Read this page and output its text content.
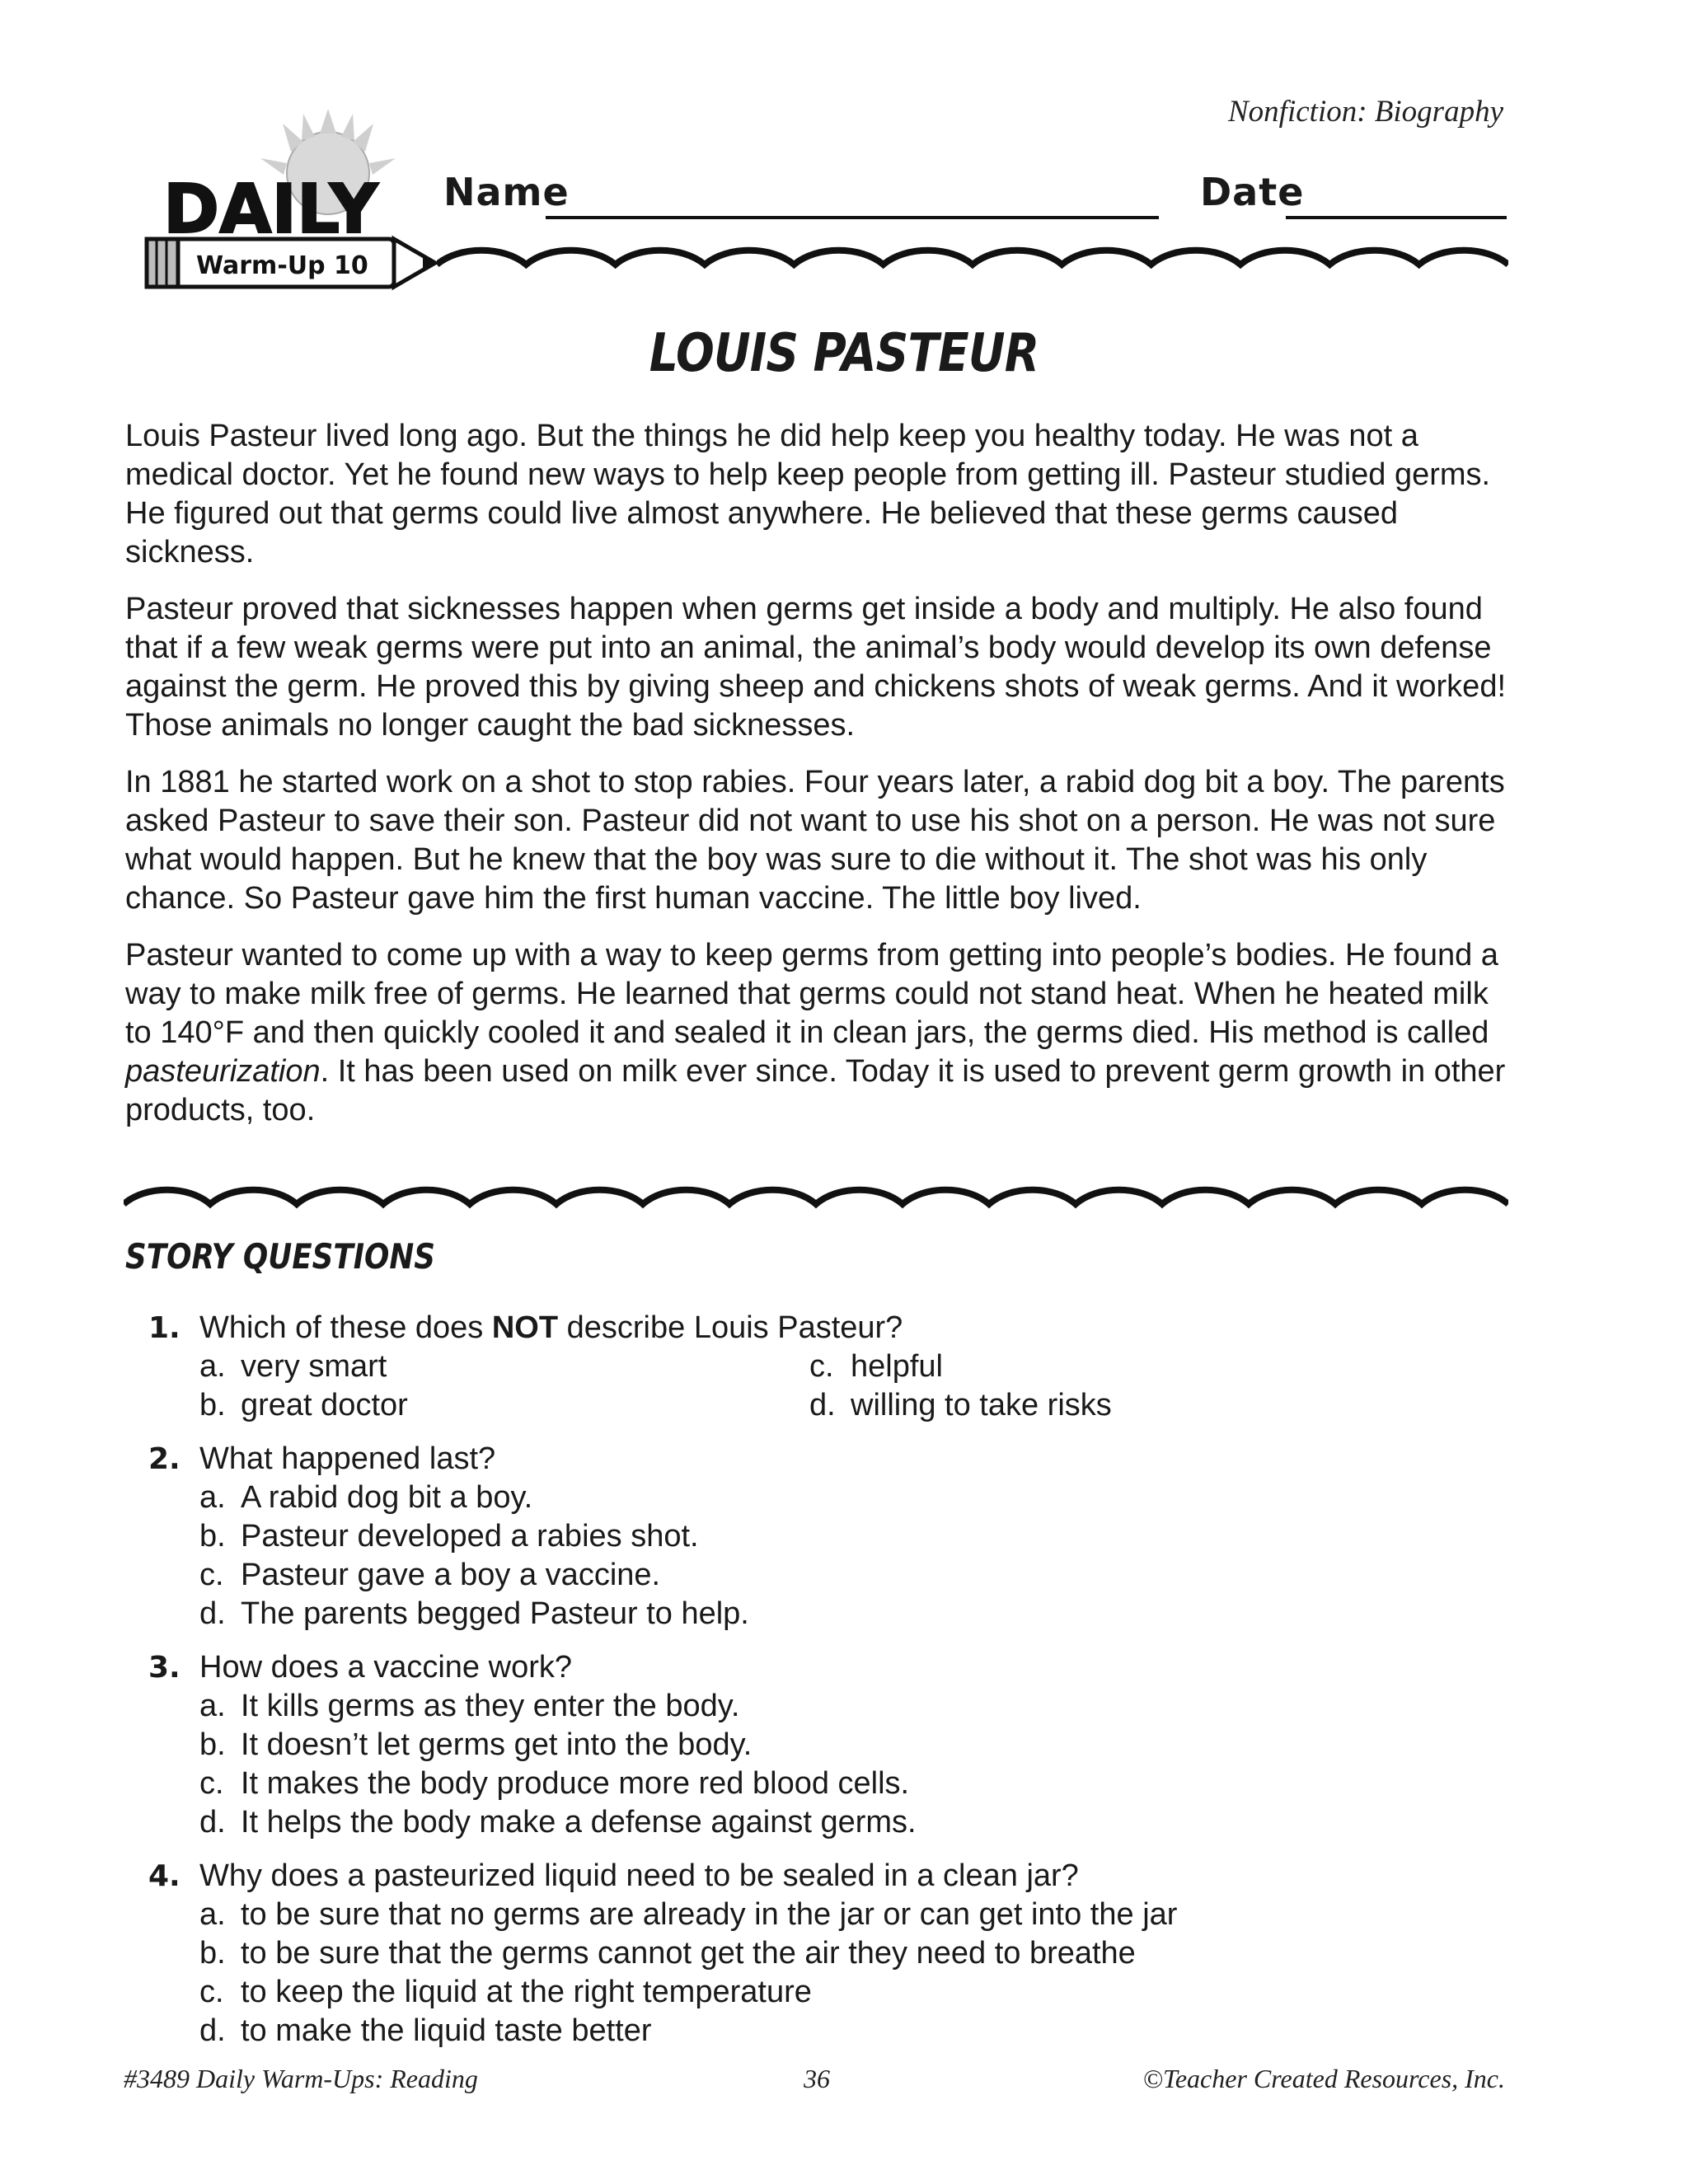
Nonfiction: Biography
DAILY
Warm-Up 10
Name	Date
LOUIS PASTEUR

Louis Pasteur lived long ago. But the things he did help keep you healthy today. He was not a medical doctor. Yet he found new ways to help keep people from getting ill. Pasteur studied germs. He figured out that germs could live almost anywhere. He believed that these germs caused sickness.

Pasteur proved that sicknesses happen when germs get inside a body and multiply. He also found that if a few weak germs were put into an animal, the animal’s body would develop its own defense against the germ. He proved this by giving sheep and chickens shots of weak germs. And it worked! Those animals no longer caught the bad sicknesses.

In 1881 he started work on a shot to stop rabies. Four years later, a rabid dog bit a boy. The parents asked Pasteur to save their son. Pasteur did not want to use his shot on a person. He was not sure what would happen. But he knew that the boy was sure to die without it. The shot was his only chance. So Pasteur gave him the first human vaccine. The little boy lived.

Pasteur wanted to come up with a way to keep germs from getting into people’s bodies. He found a way to make milk free of germs. He learned that germs could not stand heat. When he heated milk to 140°F and then quickly cooled it and sealed it in clean jars, the germs died. His method is called pasteurization. It has been used on milk ever since. Today it is used to prevent germ growth in other products, too.

STORY QUESTIONS
1. Which of these does NOT describe Louis Pasteur?
a. very smart	c. helpful
b. great doctor	d. willing to take risks
2. What happened last?
a. A rabid dog bit a boy.
b. Pasteur developed a rabies shot.
c. Pasteur gave a boy a vaccine.
d. The parents begged Pasteur to help.
3. How does a vaccine work?
a. It kills germs as they enter the body.
b. It doesn’t let germs get into the body.
c. It makes the body produce more red blood cells.
d. It helps the body make a defense against germs.
4. Why does a pasteurized liquid need to be sealed in a clean jar?
a. to be sure that no germs are already in the jar or can get into the jar
b. to be sure that the germs cannot get the air they need to breathe
c. to keep the liquid at the right temperature
d. to make the liquid taste better
#3489 Daily Warm-Ups: Reading	36	©Teacher Created Resources, Inc.
